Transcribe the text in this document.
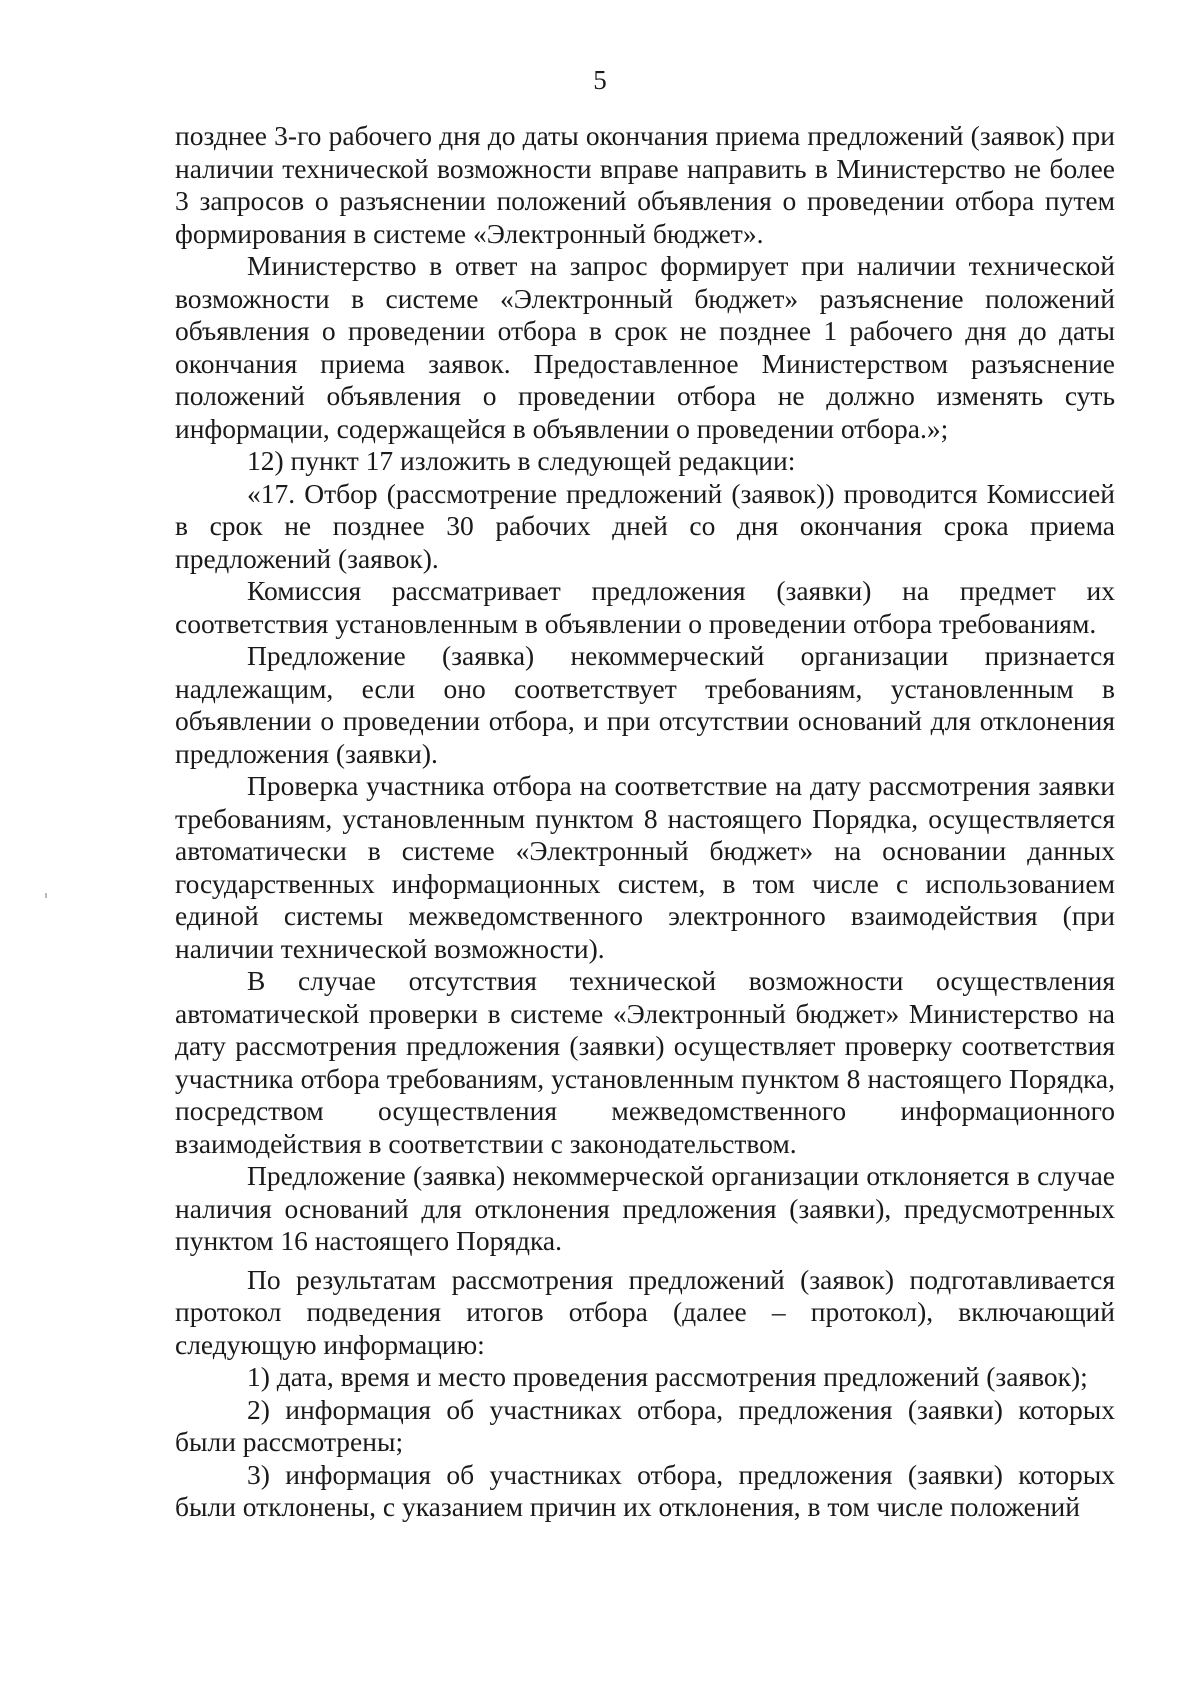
5

позднее 3-го рабочего дня до даты окончания приема предложений (заявок) при наличии технической возможности вправе направить в Министерство не более 3 запросов о разъяснении положений объявления о проведении отбора путем формирования в системе «Электронный бюджет».

Министерство в ответ на запрос формирует при наличии технической возможности в системе «Электронный бюджет» разъяснение положений объявления о проведении отбора в срок не позднее 1 рабочего дня до даты окончания приема заявок. Предоставленное Министерством разъяснение положений объявления о проведении отбора не должно изменять суть информации, содержащейся в объявлении о проведении отбора.»;

12) пункт 17 изложить в следующей редакции:

«17. Отбор (рассмотрение предложений (заявок)) проводится Комиссией в срок не позднее 30 рабочих дней со дня окончания срока приема предложений (заявок).

Комиссия рассматривает предложения (заявки) на предмет их соответствия установленным в объявлении о проведении отбора требованиям.

Предложение (заявка) некоммерческий организации признается надлежащим, если оно соответствует требованиям, установленным в объявлении о проведении отбора, и при отсутствии оснований для отклонения предложения (заявки).

Проверка участника отбора на соответствие на дату рассмотрения заявки требованиям, установленным пунктом 8 настоящего Порядка, осуществляется автоматически в системе «Электронный бюджет» на основании данных государственных информационных систем, в том числе с использованием единой системы межведомственного электронного взаимодействия (при наличии технической возможности).

В случае отсутствия технической возможности осуществления автоматической проверки в системе «Электронный бюджет» Министерство на дату рассмотрения предложения (заявки) осуществляет проверку соответствия участника отбора требованиям, установленным пунктом 8 настоящего Порядка, посредством осуществления межведомственного информационного взаимодействия в соответствии с законодательством.

Предложение (заявка) некоммерческой организации отклоняется в случае наличия оснований для отклонения предложения (заявки), предусмотренных пунктом 16 настоящего Порядка.

По результатам рассмотрения предложений (заявок) подготавливается протокол подведения итогов отбора (далее – протокол), включающий следующую информацию:

1) дата, время и место проведения рассмотрения предложений (заявок);

2) информация об участниках отбора, предложения (заявки) которых были рассмотрены;

3) информация об участниках отбора, предложения (заявки) которых были отклонены, с указанием причин их отклонения, в том числе положений
